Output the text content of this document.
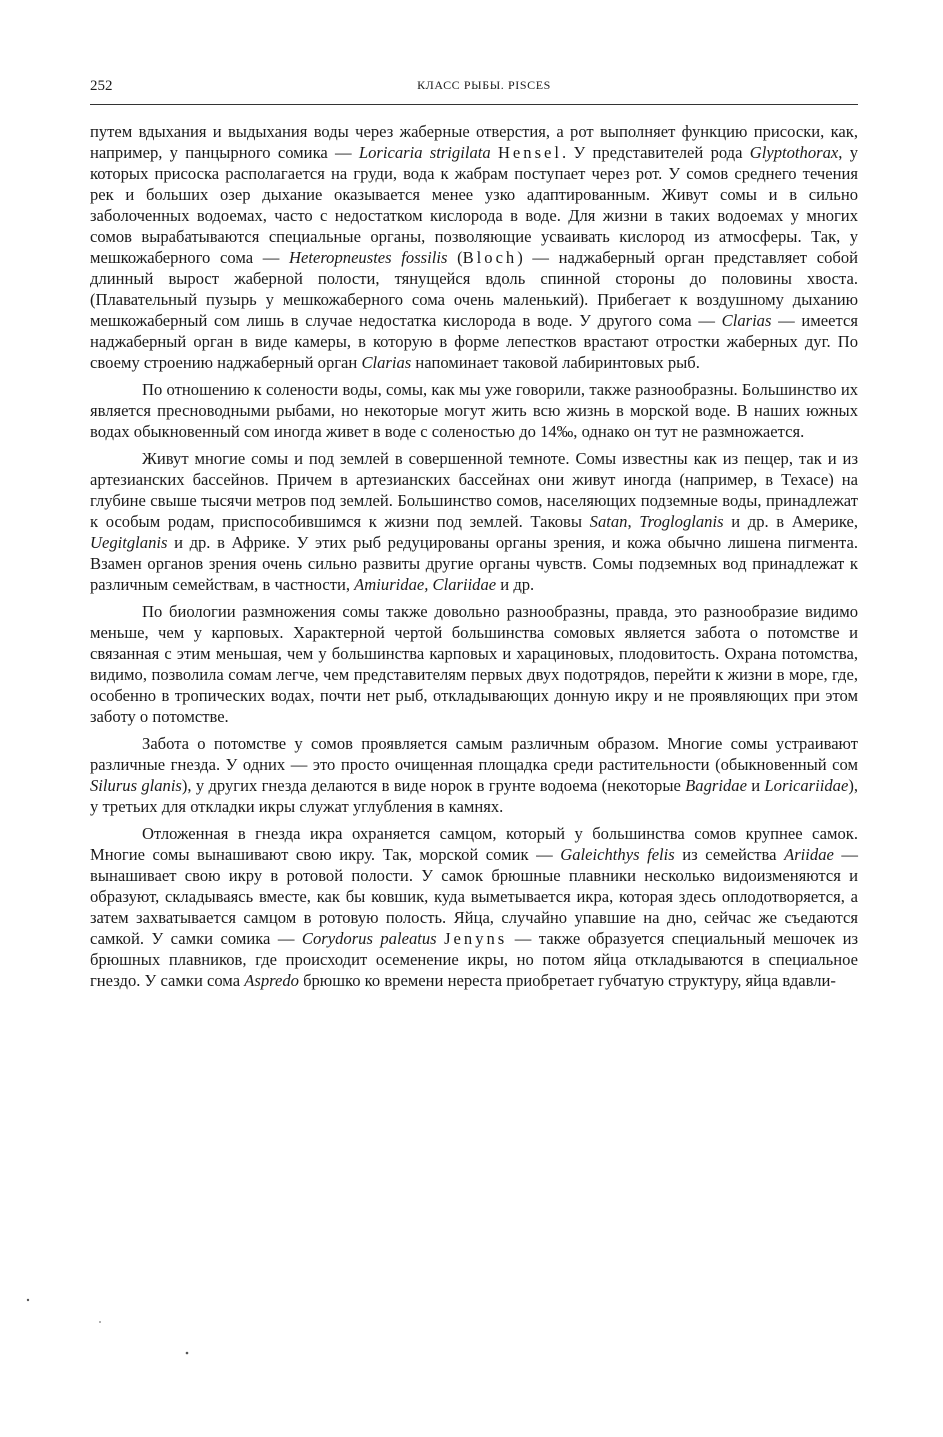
252	КЛАСС РЫБЫ. PISCES

путем вдыхания и выдыхания воды через жаберные отверстия, а рот выполняет функцию присоски, как, например, у панцырного сомика — Loricaria strigilata Hensel. У представителей рода Glyptothorax, у которых присоска располагается на груди, вода к жабрам поступает через рот. У сомов среднего течения рек и больших озер дыхание оказывается менее узко адаптированным. Живут сомы и в сильно заболоченных водоемах, часто с недостатком кислорода в воде. Для жизни в таких водоемах у многих сомов вырабатываются специальные органы, позволяющие усваивать кислород из атмосферы. Так, у мешкожаберного сома — Heteropneustes fossilis (Bloch) — наджаберный орган представляет собой длинный вырост жаберной полости, тянущейся вдоль спинной стороны до половины хвоста. (Плавательный пузырь у мешкожаберного сома очень маленький). Прибегает к воздушному дыханию мешкожаберный сом лишь в случае недостатка кислорода в воде. У другого сома — Clarias — имеется наджаберный орган в виде камеры, в которую в форме лепестков врастают отростки жаберных дуг. По своему строению наджаберный орган Clarias напоминает таковой лабиринтовых рыб.

По отношению к солености воды, сомы, как мы уже говорили, также разнообразны. Большинство их является пресноводными рыбами, но некоторые могут жить всю жизнь в морской воде. В наших южных водах обыкновенный сом иногда живет в воде с соленостью до 14‰, однако он тут не размножается.

Живут многие сомы и под землей в совершенной темноте. Сомы известны как из пещер, так и из артезианских бассейнов. Причем в артезианских бассейнах они живут иногда (например, в Техасе) на глубине свыше тысячи метров под землей. Большинство сомов, населяющих подземные воды, принадлежат к особым родам, приспособившимся к жизни под землей. Таковы Satan, Trogloglanis и др. в Америке, Uegitglanis и др. в Африке. У этих рыб редуцированы органы зрения, и кожа обычно лишена пигмента. Взамен органов зрения очень сильно развиты другие органы чувств. Сомы подземных вод принадлежат к различным семействам, в частности, Amiuridae, Clariidae и др.

По биологии размножения сомы также довольно разнообразны, правда, это разнообразие видимо меньше, чем у карповых. Характерной чертой большинства сомовых является забота о потомстве и связанная с этим меньшая, чем у большинства карповых и харациновых, плодовитость. Охрана потомства, видимо, позволила сомам легче, чем представителям первых двух подотрядов, перейти к жизни в море, где, особенно в тропических водах, почти нет рыб, откладывающих донную икру и не проявляющих при этом заботу о потомстве.

Забота о потомстве у сомов проявляется самым различным образом. Многие сомы устраивают различные гнезда. У одних — это просто очищенная площадка среди растительности (обыкновенный сом Silurus glanis), у других гнезда делаются в виде норок в грунте водоема (некоторые Bagridae и Loricariidae), у третьих для откладки икры служат углубления в камнях.

Отложенная в гнезда икра охраняется самцом, который у большинства сомов крупнее самок. Многие сомы вынашивают свою икру. Так, морской сомик — Galeichthys felis из семейства Ariidae — вынашивает свою икру в ротовой полости. У самок брюшные плавники несколько видоизменяются и образуют, складываясь вместе, как бы ковшик, куда выметывается икра, которая здесь оплодотворяется, а затем захватывается самцом в ротовую полость. Яйца, случайно упавшие на дно, сейчас же съедаются самкой. У самки сомика — Corydorus paleatus Jenyns — также образуется специальный мешочек из брюшных плавников, где происходит осеменение икры, но потом яйца откладываются в специальное гнездо. У самки сома Aspredo брюшко ко времени нереста приобретает губчатую структуру, яйца вдавли-
